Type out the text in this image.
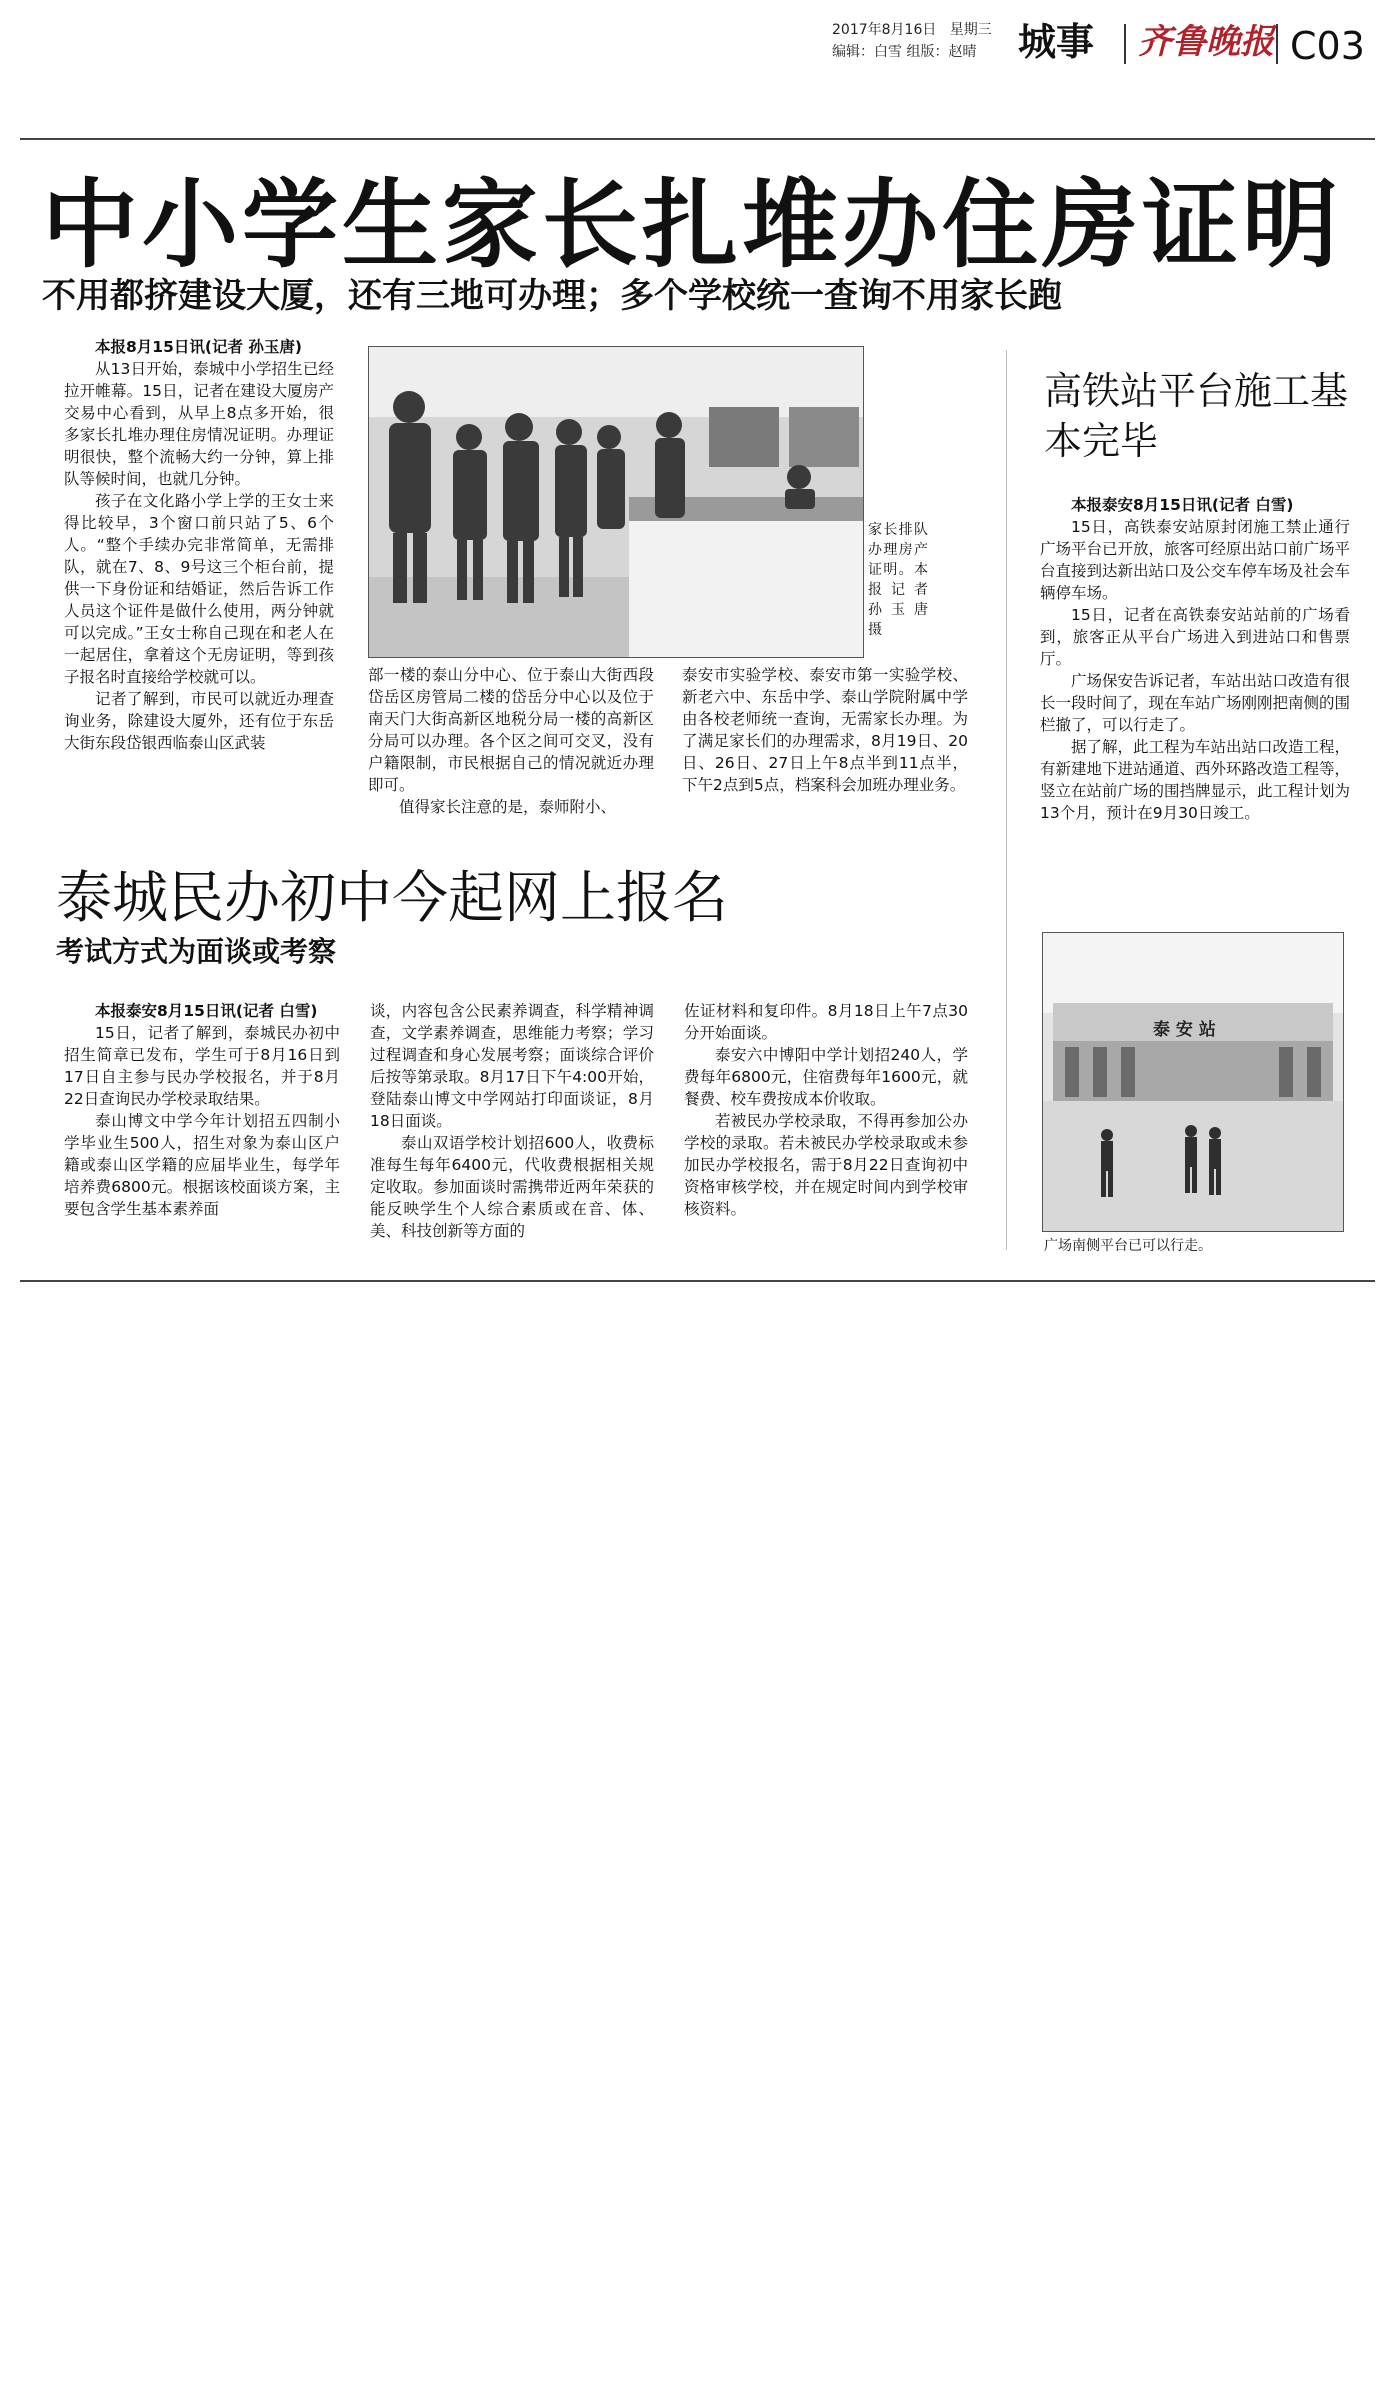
2017年8月16日 星期三
编辑：白雪 组版：赵晴 城事 齐鲁晚报 C03
中小学生家长扎堆办住房证明
不用都挤建设大厦，还有三地可办理；多个学校统一查询不用家长跑
本报8月15日讯(记者 孙玉唐)

从13日开始，泰城中小学招生已经拉开帷幕。15日，记者在建设大厦房产交易中心看到，从早上8点多开始，很多家长扎堆办理住房情况证明。办理证明很快，整个流畅大约一分钟，算上排队等候时间，也就几分钟。

孩子在文化路小学上学的王女士来得比较早，3个窗口前只站了5、6个人。“整个手续办完非常简单，无需排队，就在7、8、9号这三个柜台前，提供一下身份证和结婚证，然后告诉工作人员这个证件是做什么使用，两分钟就可以完成。”王女士称自己现在和老人在一起居住，拿着这个无房证明，等到孩子报名时直接给学校就可以。

记者了解到，市民可以就近办理查询业务，除建设大厦外，还有位于东岳大街东段岱银西临泰山区武装

家长排队办理房产证明。本报记者 孙玉唐 摄

部一楼的泰山分中心、位于泰山大街西段岱岳区房管局二楼的岱岳分中心以及位于南天门大街高新区地税分局一楼的高新区分局可以办理。各个区之间可交叉，没有户籍限制，市民根据自己的情况就近办理即可。

值得家长注意的是，泰师附小、

泰安市实验学校、泰安市第一实验学校、新老六中、东岳中学、泰山学院附属中学由各校老师统一查询，无需家长办理。为了满足家长们的办理需求，8月19日、20日、26日、27日上午8点半到11点半，下午2点到5点，档案科会加班办理业务。

泰城民办初中今起网上报名
考试方式为面谈或考察
本报泰安8月15日讯(记者 白雪)

15日，记者了解到，泰城民办初中招生简章已发布，学生可于8月16日到17日自主参与民办学校报名，并于8月22日查询民办学校录取结果。

泰山博文中学今年计划招五四制小学毕业生500人，招生对象为泰山区户籍或泰山区学籍的应届毕业生，每学年培养费6800元。根据该校面谈方案，主要包含学生基本素养面

谈，内容包含公民素养调查，科学精神调查，文学素养调查，思维能力考察；学习过程调查和身心发展考察；面谈综合评价后按等第录取。8月17日下午4:00开始，登陆泰山博文中学网站打印面谈证，8月18日面谈。

泰山双语学校计划招600人，收费标准每生每年6400元，代收费根据相关规定收取。参加面谈时需携带近两年荣获的能反映学生个人综合素质或在音、体、美、科技创新等方面的

佐证材料和复印件。8月18日上午7点30分开始面谈。

泰安六中博阳中学计划招240人，学费每年6800元，住宿费每年1600元，就餐费、校车费按成本价收取。

若被民办学校录取，不得再参加公办学校的录取。若未被民办学校录取或未参加民办学校报名，需于8月22日查询初中资格审核学校，并在规定时间内到学校审核资料。

高铁站平台施工基本完毕
本报泰安8月15日讯(记者 白雪)

15日，高铁泰安站原封闭施工禁止通行广场平台已开放，旅客可经原出站口前广场平台直接到达新出站口及公交车停车场及社会车辆停车场。

15日，记者在高铁泰安站站前的广场看到，旅客正从平台广场进入到进站口和售票厅。

广场保安告诉记者，车站出站口改造有很长一段时间了，现在车站广场刚刚把南侧的围栏撤了，可以行走了。

据了解，此工程为车站出站口改造工程，有新建地下进站通道、西外环路改造工程等，竖立在站前广场的围挡牌显示，此工程计划为13个月，预计在9月30日竣工。

泰 安 站
广场南侧平台已可以行走。
